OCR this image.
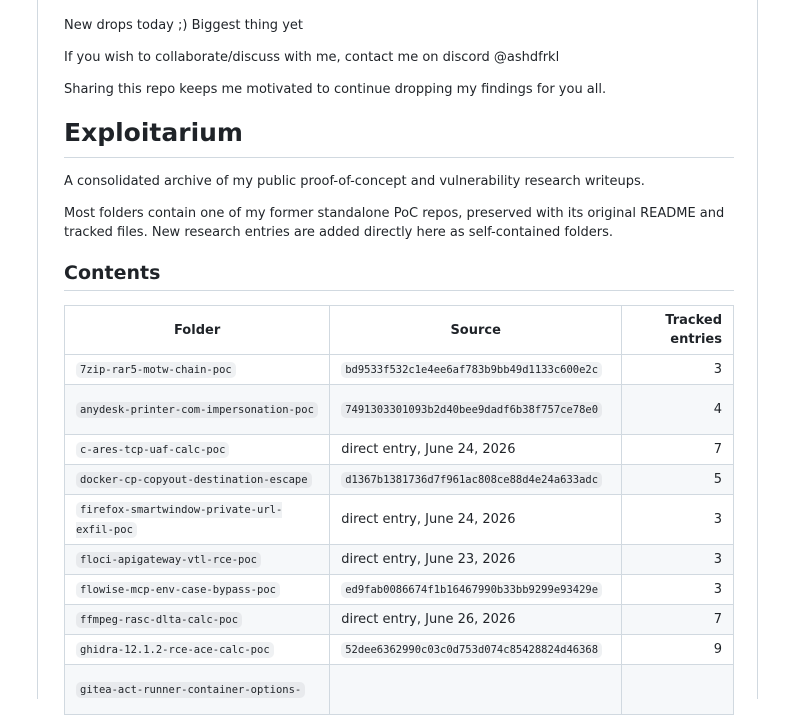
New drops today ;) Biggest thing yet

If you wish to collaborate/discuss with me, contact me on discord @ashdfrkl

Sharing this repo keeps me motivated to continue dropping my findings for you all.

Exploitarium

A consolidated archive of my public proof-of-concept and vulnerability research writeups.

Most folders contain one of my former standalone PoC repos, preserved with its original README and tracked files. New research entries are added directly here as self-contained folders.

Contents
Folder	Source	Tracked entries
7zip-rar5-motw-chain-poc	bd9533f532c1e4ee6af783b9bb49d1133c600e2c	3
anydesk-printer-com-impersonation-poc	7491303301093b2d40bee9dadf6b38f757ce78e0	4
c-ares-tcp-uaf-calc-poc	direct entry, June 24, 2026	7
docker-cp-copyout-destination-escape	d1367b1381736d7f961ac808ce88d4e24a633adc	5
firefox-smartwindow-private-url-exfil-poc	direct entry, June 24, 2026	3
floci-apigateway-vtl-rce-poc	direct entry, June 23, 2026	3
flowise-mcp-env-case-bypass-poc	ed9fab0086674f1b16467990b33bb9299e93429e	3
ffmpeg-rasc-dlta-calc-poc	direct entry, June 26, 2026	7
ghidra-12.1.2-rce-ace-calc-poc	52dee6362990c03c0d753d074c85428824d46368	9
gitea-act-runner-container-options-		
